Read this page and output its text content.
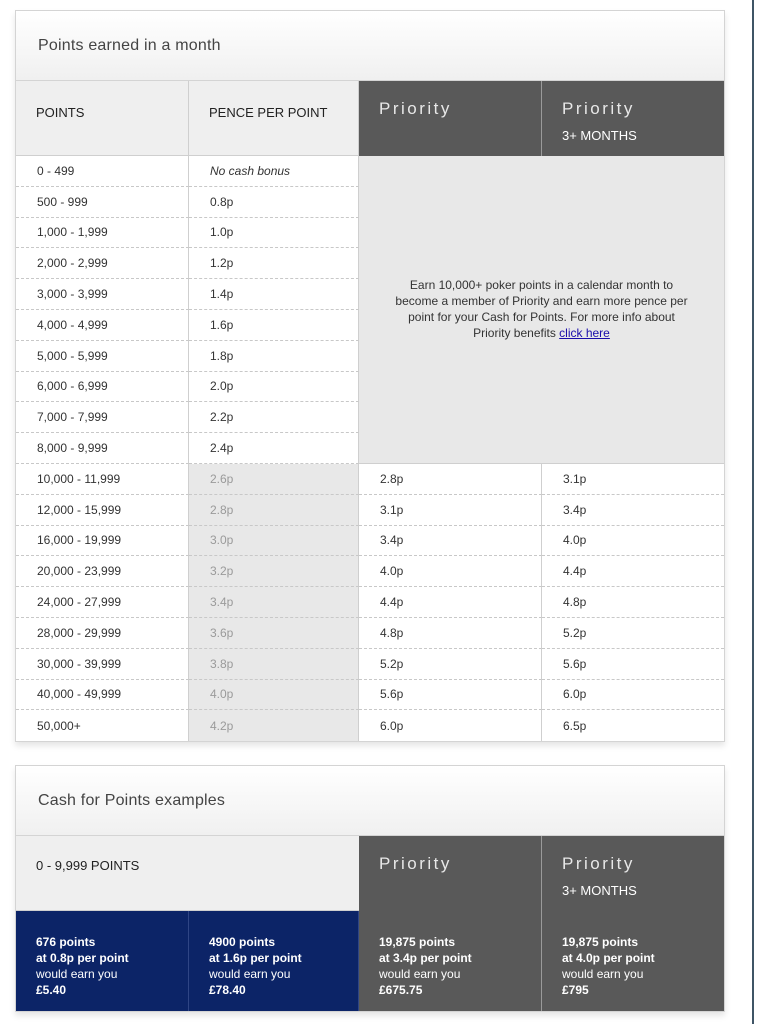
Points earned in a month
POINTS	PENCE PER POINT	Priority	Priority
3+ MONTHS
0 - 499	No cash bonus
500 - 999	0.8p
1,000 - 1,999	1.0p
2,000 - 2,999	1.2p
3,000 - 3,999	1.4p
4,000 - 4,999	1.6p
5,000 - 5,999	1.8p
6,000 - 6,999	2.0p
7,000 - 7,999	2.2p
8,000 - 9,999	2.4p
Earn 10,000+ poker points in a calendar month to become a member of Priority and earn more pence per point for your Cash for Points. For more info about Priority benefits click here
10,000 - 11,999	2.6p	2.8p	3.1p
12,000 - 15,999	2.8p	3.1p	3.4p
16,000 - 19,999	3.0p	3.4p	4.0p
20,000 - 23,999	3.2p	4.0p	4.4p
24,000 - 27,999	3.4p	4.4p	4.8p
28,000 - 29,999	3.6p	4.8p	5.2p
30,000 - 39,999	3.8p	5.2p	5.6p
40,000 - 49,999	4.0p	5.6p	6.0p
50,000+	4.2p	6.0p	6.5p
Cash for Points examples
0 - 9,999 POINTS	Priority	Priority
3+ MONTHS
676 points
at 0.8p per point
would earn you
£5.40
4900 points
at 1.6p per point
would earn you
£78.40
19,875 points
at 3.4p per point
would earn you
£675.75
19,875 points
at 4.0p per point
would earn you
£795
